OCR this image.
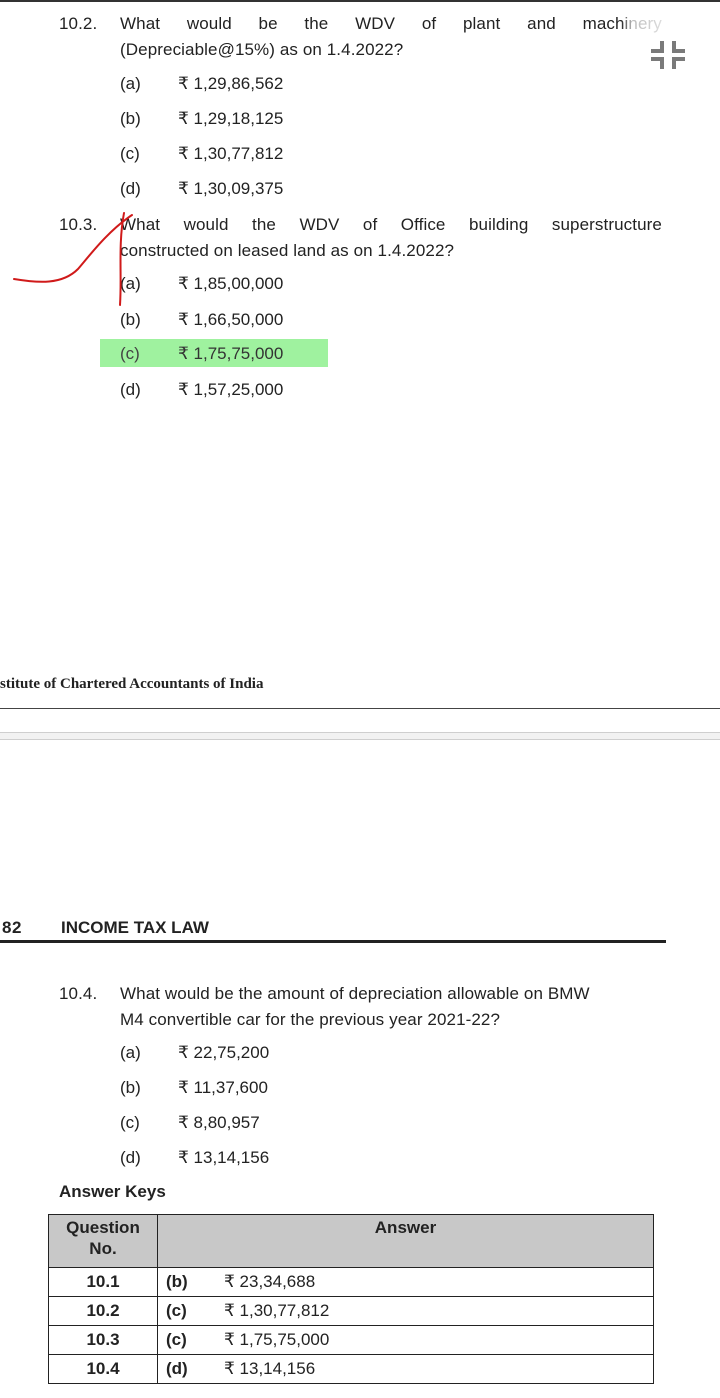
10.2. What would be the WDV of plant and machinery
(Depreciable@15%) as on 1.4.2022?
(a) ₹ 1,29,86,562
(b) ₹ 1,29,18,125
(c) ₹ 1,30,77,812
(d) ₹ 1,30,09,375
10.3. What would the WDV of Office building superstructure
constructed on leased land as on 1.4.2022?
(a) ₹ 1,85,00,000
(b) ₹ 1,66,50,000
(c) ₹ 1,75,75,000
(d) ₹ 1,57,25,000
stitute of Chartered Accountants of India
82 INCOME TAX LAW
10.4. What would be the amount of depreciation allowable on BMW
M4 convertible car for the previous year 2021-22?
(a) ₹ 22,75,200
(b) ₹ 11,37,600
(c) ₹ 8,80,957
(d) ₹ 13,14,156
Answer Keys
Question No.	Answer
10.1	(b) ₹ 23,34,688

10.2	(c) ₹ 1,30,77,812

10.3	(c) ₹ 1,75,75,000

10.4	(d) ₹ 13,14,156
